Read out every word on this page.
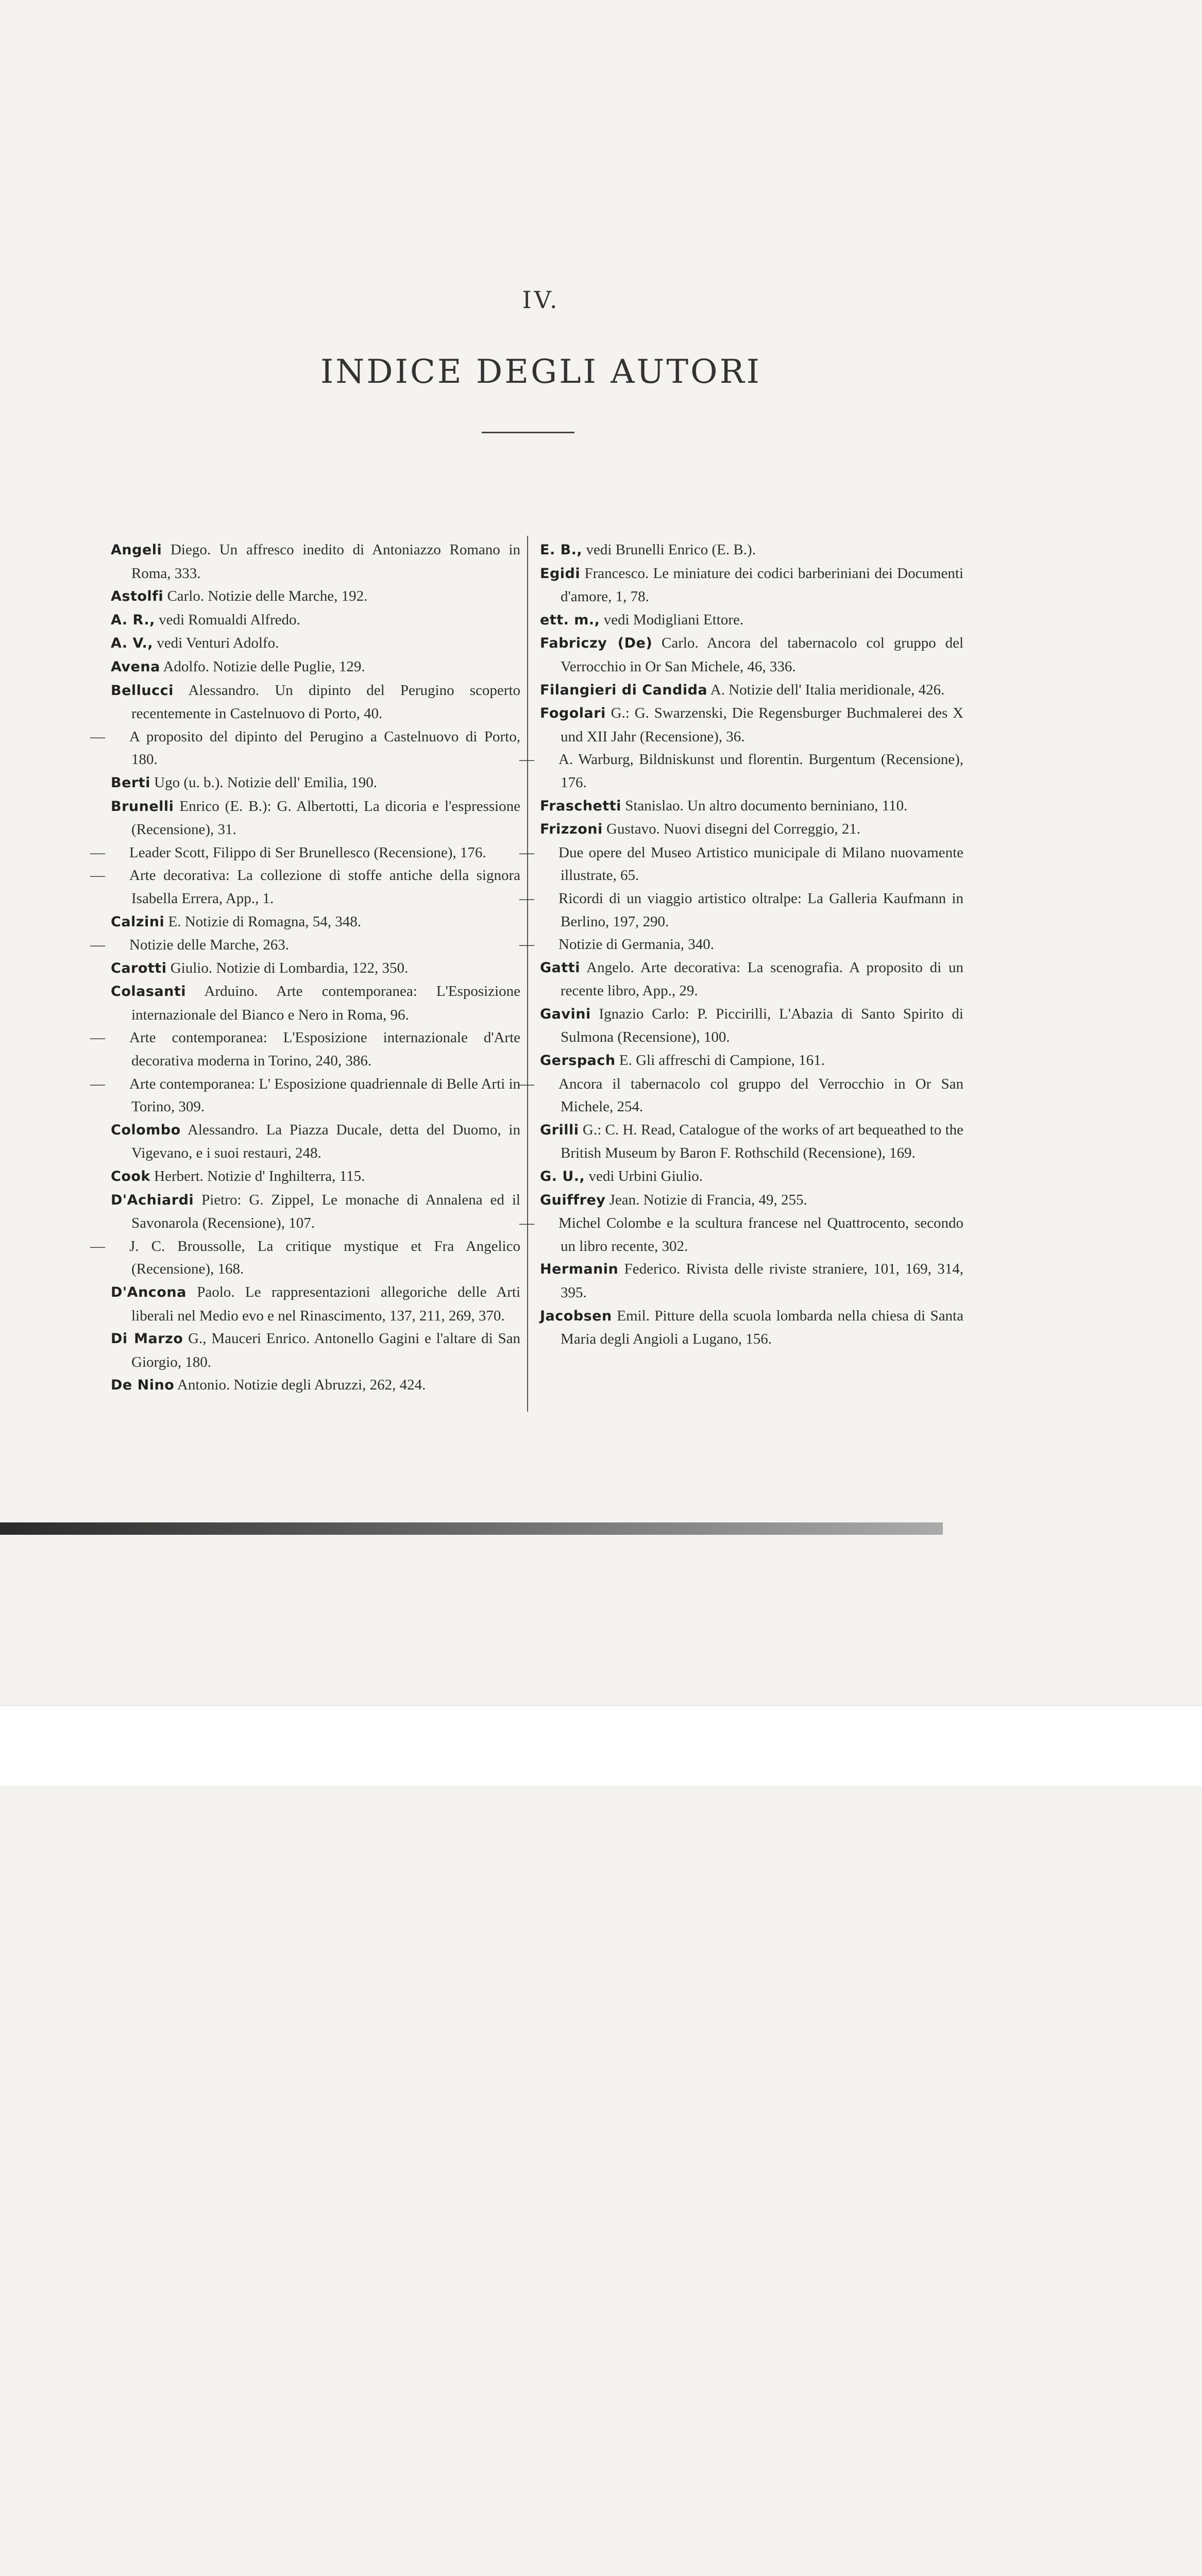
IV.
INDICE DEGLI AUTORI
Angeli Diego. Un affresco inedito di Antoniazzo Romano in Roma, 333.
Astolfi Carlo. Notizie delle Marche, 192.
A. R., vedi Romualdi Alfredo.
A. V., vedi Venturi Adolfo.
Avena Adolfo. Notizie delle Puglie, 129.
Bellucci Alessandro. Un dipinto del Perugino scoperto recentemente in Castelnuovo di Porto, 40.
—A proposito del dipinto del Perugino a Castelnuovo di Porto, 180.
Berti Ugo (u. b.). Notizie dell' Emilia, 190.
Brunelli Enrico (E. B.): G. Albertotti, La dicoria e l'espressione (Recensione), 31.
—Leader Scott, Filippo di Ser Brunellesco (Recensione), 176.
—Arte decorativa: La collezione di stoffe antiche della signora Isabella Errera, App., 1.
Calzini E. Notizie di Romagna, 54, 348.
—Notizie delle Marche, 263.
Carotti Giulio. Notizie di Lombardia, 122, 350.
Colasanti Arduino. Arte contemporanea: L'Esposizione internazionale del Bianco e Nero in Roma, 96.
—Arte contemporanea: L'Esposizione internazionale d'Arte decorativa moderna in Torino, 240, 386.
—Arte contemporanea: L' Esposizione quadriennale di Belle Arti in Torino, 309.
Colombo Alessandro. La Piazza Ducale, detta del Duomo, in Vigevano, e i suoi restauri, 248.
Cook Herbert. Notizie d' Inghilterra, 115.
D'Achiardi Pietro: G. Zippel, Le monache di Annalena ed il Savonarola (Recensione), 107.
—J. C. Broussolle, La critique mystique et Fra Angelico (Recensione), 168.
D'Ancona Paolo. Le rappresentazioni allegoriche delle Arti liberali nel Medio evo e nel Rinascimento, 137, 211, 269, 370.
Di Marzo G., Mauceri Enrico. Antonello Gagini e l'altare di San Giorgio, 180.
De Nino Antonio. Notizie degli Abruzzi, 262, 424.
E. B., vedi Brunelli Enrico (E. B.).
Egidi Francesco. Le miniature dei codici barberiniani dei Documenti d'amore, 1, 78.
ett. m., vedi Modigliani Ettore.
Fabriczy (De) Carlo. Ancora del tabernacolo col gruppo del Verrocchio in Or San Michele, 46, 336.
Filangieri di Candida A. Notizie dell' Italia meridionale, 426.
Fogolari G.: G. Swarzenski, Die Regensburger Buchmalerei des X und XII Jahr (Recensione), 36.
—A. Warburg, Bildniskunst und florentin. Burgentum (Recensione), 176.
Fraschetti Stanislao. Un altro documento berniniano, 110.
Frizzoni Gustavo. Nuovi disegni del Correggio, 21.
—Due opere del Museo Artistico municipale di Milano nuovamente illustrate, 65.
—Ricordi di un viaggio artistico oltralpe: La Galleria Kaufmann in Berlino, 197, 290.
—Notizie di Germania, 340.
Gatti Angelo. Arte decorativa: La scenografia. A proposito di un recente libro, App., 29.
Gavini Ignazio Carlo: P. Piccirilli, L'Abazia di Santo Spirito di Sulmona (Recensione), 100.
Gerspach E. Gli affreschi di Campione, 161.
—Ancora il tabernacolo col gruppo del Verrocchio in Or San Michele, 254.
Grilli G.: C. H. Read, Catalogue of the works of art bequeathed to the British Museum by Baron F. Rothschild (Recensione), 169.
G. U., vedi Urbini Giulio.
Guiffrey Jean. Notizie di Francia, 49, 255.
—Michel Colombe e la scultura francese nel Quattrocento, secondo un libro recente, 302.
Hermanin Federico. Rivista delle riviste straniere, 101, 169, 314, 395.
Jacobsen Emil. Pitture della scuola lombarda nella chiesa di Santa Maria degli Angioli a Lugano, 156.
